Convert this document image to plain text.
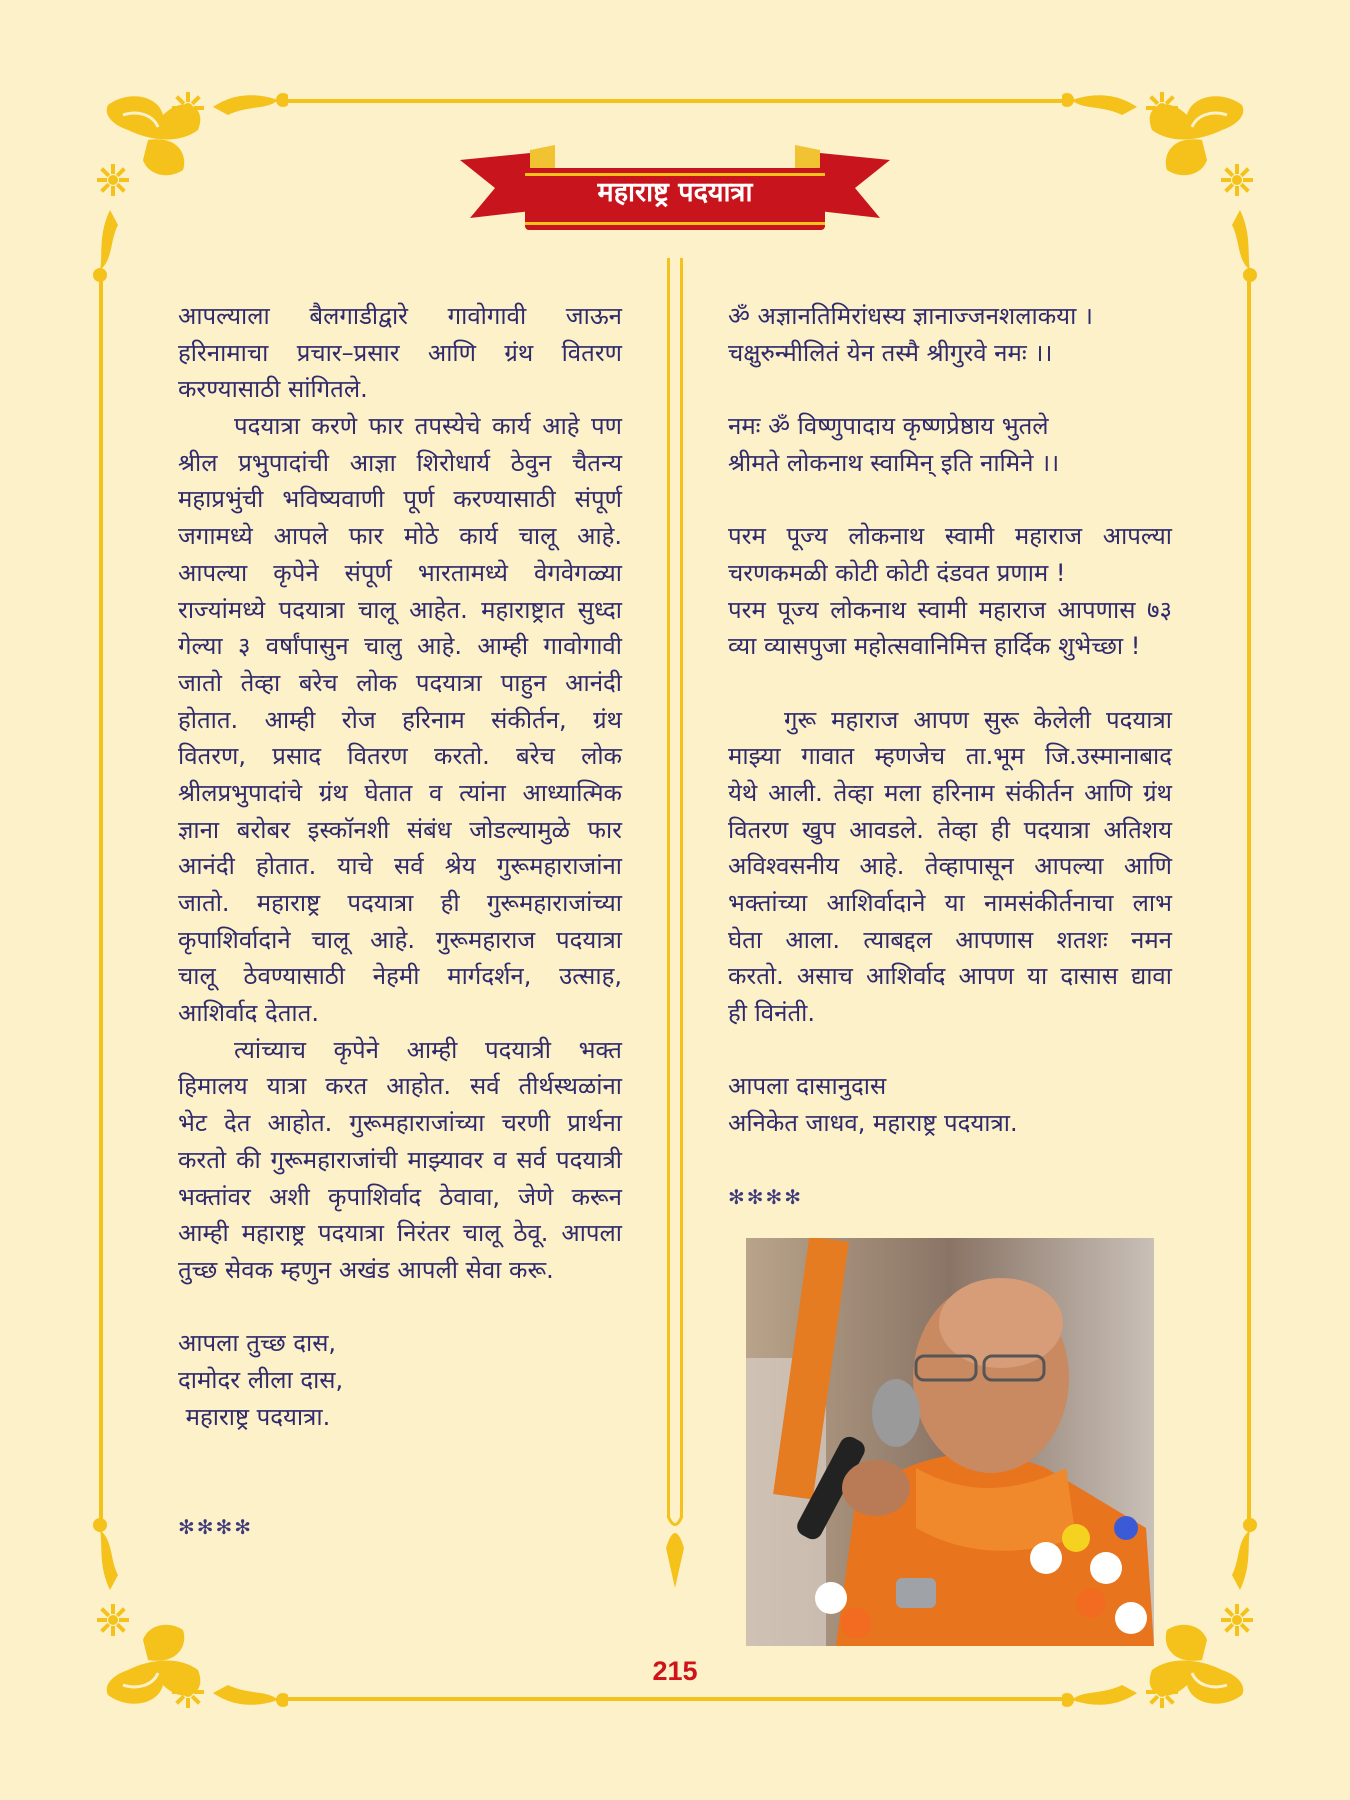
महाराष्ट्र पदयात्रा
आपल्याला बैलगाडीद्वारे गावोगावी जाऊन
हरिनामाचा प्रचार–प्रसार आणि ग्रंथ वितरण
करण्यासाठी सांगितले.
पदयात्रा करणे फार तपस्येचे कार्य आहे पण
श्रील प्रभुपादांची आज्ञा शिरोधार्य ठेवुन चैतन्य
महाप्रभुंची भविष्यवाणी पूर्ण करण्यासाठी संपूर्ण
जगामध्ये आपले फार मोठे कार्य चालू आहे.
आपल्या कृपेने संपूर्ण भारतामध्ये वेगवेगळ्या
राज्यांमध्ये पदयात्रा चालू आहेत. महाराष्ट्रात सुध्दा
गेल्या ३ वर्षांपासुन चालु आहे. आम्ही गावोगावी
जातो तेव्हा बरेच लोक पदयात्रा पाहुन आनंदी
होतात. आम्ही रोज हरिनाम संकीर्तन, ग्रंथ
वितरण, प्रसाद वितरण करतो. बरेच लोक
श्रीलप्रभुपादांचे ग्रंथ घेतात व त्यांना आध्यात्मिक
ज्ञाना बरोबर इस्कॉनशी संबंध जोडल्यामुळे फार
आनंदी होतात. याचे सर्व श्रेय गुरूमहाराजांना
जातो. महाराष्ट्र पदयात्रा ही गुरूमहाराजांच्या
कृपाशिर्वादाने चालू आहे. गुरूमहाराज पदयात्रा
चालू ठेवण्यासाठी नेहमी मार्गदर्शन, उत्साह,
आशिर्वाद देतात.
त्यांच्याच कृपेने आम्ही पदयात्री भक्त
हिमालय यात्रा करत आहोत. सर्व तीर्थस्थळांना
भेट देत आहोत. गुरूमहाराजांच्या चरणी प्रार्थना
करतो की गुरूमहाराजांची माझ्यावर व सर्व पदयात्री
भक्तांवर अशी कृपाशिर्वाद ठेवावा, जेणे करून
आम्ही महाराष्ट्र पदयात्रा निरंतर चालू ठेवू. आपला
तुच्छ सेवक म्हणुन अखंड आपली सेवा करू.
आपला तुच्छ दास,
दामोदर लीला दास,
महाराष्ट्र पदयात्रा.
✻✻✻✻
ॐ अज्ञानतिमिरांधस्य ज्ञानाज्जनशलाकया ।
चक्षुरुन्मीलितं येन तस्मै श्रीगुरवे नमः ।।
नमः ॐ विष्णुपादाय कृष्णप्रेष्ठाय भुतले
श्रीमते लोकनाथ स्वामिन् इति नामिने ।।
परम पूज्य लोकनाथ स्वामी महाराज आपल्या
चरणकमळी कोटी कोटी दंडवत प्रणाम !
परम पूज्य लोकनाथ स्वामी महाराज आपणास ७३
व्या व्यासपुजा महोत्सवानिमित्त हार्दिक शुभेच्छा !
गुरू महाराज आपण सुरू केलेली पदयात्रा
माझ्या गावात म्हणजेच ता.भूम जि.उस्मानाबाद
येथे आली. तेव्हा मला हरिनाम संकीर्तन आणि ग्रंथ
वितरण खुप आवडले. तेव्हा ही पदयात्रा अतिशय
अविश्वसनीय आहे. तेव्हापासून आपल्या आणि
भक्तांच्या आशिर्वादाने या नामसंकीर्तनाचा लाभ
घेता आला. त्याबद्दल आपणास शतशः नमन
करतो. असाच आशिर्वाद आपण या दासास द्यावा
ही विनंती.
आपला दासानुदास
अनिकेत जाधव, महाराष्ट्र पदयात्रा.
✻✻✻✻
215
